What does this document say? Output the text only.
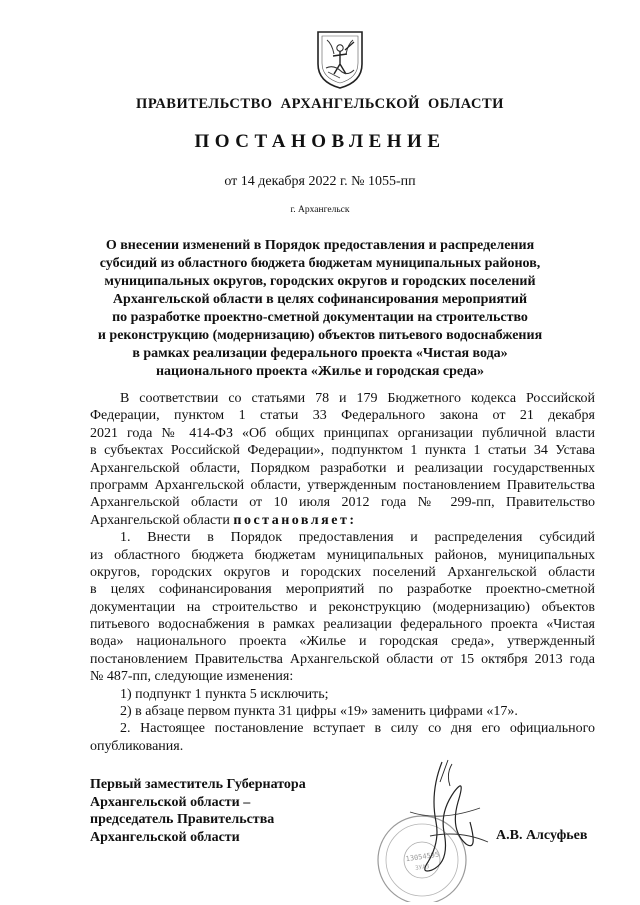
ПРАВИТЕЛЬСТВО АРХАНГЕЛЬСКОЙ ОБЛАСТИ
ПОСТАНОВЛЕНИЕ
от 14 декабря 2022 г. № 1055-пп
г. Архангельск
О внесении изменений в Порядок предоставления и распределения
субсидий из областного бюджета бюджетам муниципальных районов,
муниципальных округов, городских округов и городских поселений
Архангельской области в целях софинансирования мероприятий
по разработке проектно-сметной документации на строительство
и реконструкцию (модернизацию) объектов питьевого водоснабжения
в рамках реализации федерального проекта «Чистая вода»
национального проекта «Жилье и городская среда»
В соответствии со статьями 78 и 179 Бюджетного кодекса Российской
Федерации, пунктом 1 статьи 33 Федерального закона от 21 декабря
2021 года № 414-ФЗ «Об общих принципах организации публичной власти
в субъектах Российской Федерации», подпунктом 1 пункта 1 статьи 34 Устава
Архангельской области, Порядком разработки и реализации государственных
программ Архангельской области, утвержденным постановлением Правительства
Архангельской области от 10 июля 2012 года № 299-пп, Правительство
Архангельской области постановляет:
1. Внести в Порядок предоставления и распределения субсидий
из областного бюджета бюджетам муниципальных районов, муниципальных
округов, городских округов и городских поселений Архангельской области
в целях софинансирования мероприятий по разработке проектно-сметной
документации на строительство и реконструкцию (модернизацию) объектов
питьевого водоснабжения в рамках реализации федерального проекта «Чистая
вода» национального проекта «Жилье и городская среда», утвержденный
постановлением Правительства Архангельской области от 15 октября 2013 года
№ 487-пп, следующие изменения:
1) подпункт 1 пункта 5 исключить;
2) в абзаце первом пункта 31 цифры «19» заменить цифрами «17».
2. Настоящее постановление вступает в силу со дня его официального
опубликования.
13054595
ЗУАЗ
Первый заместитель Губернатора
Архангельской области –
председатель Правительства
Архангельской области	А.В. Алсуфьев
